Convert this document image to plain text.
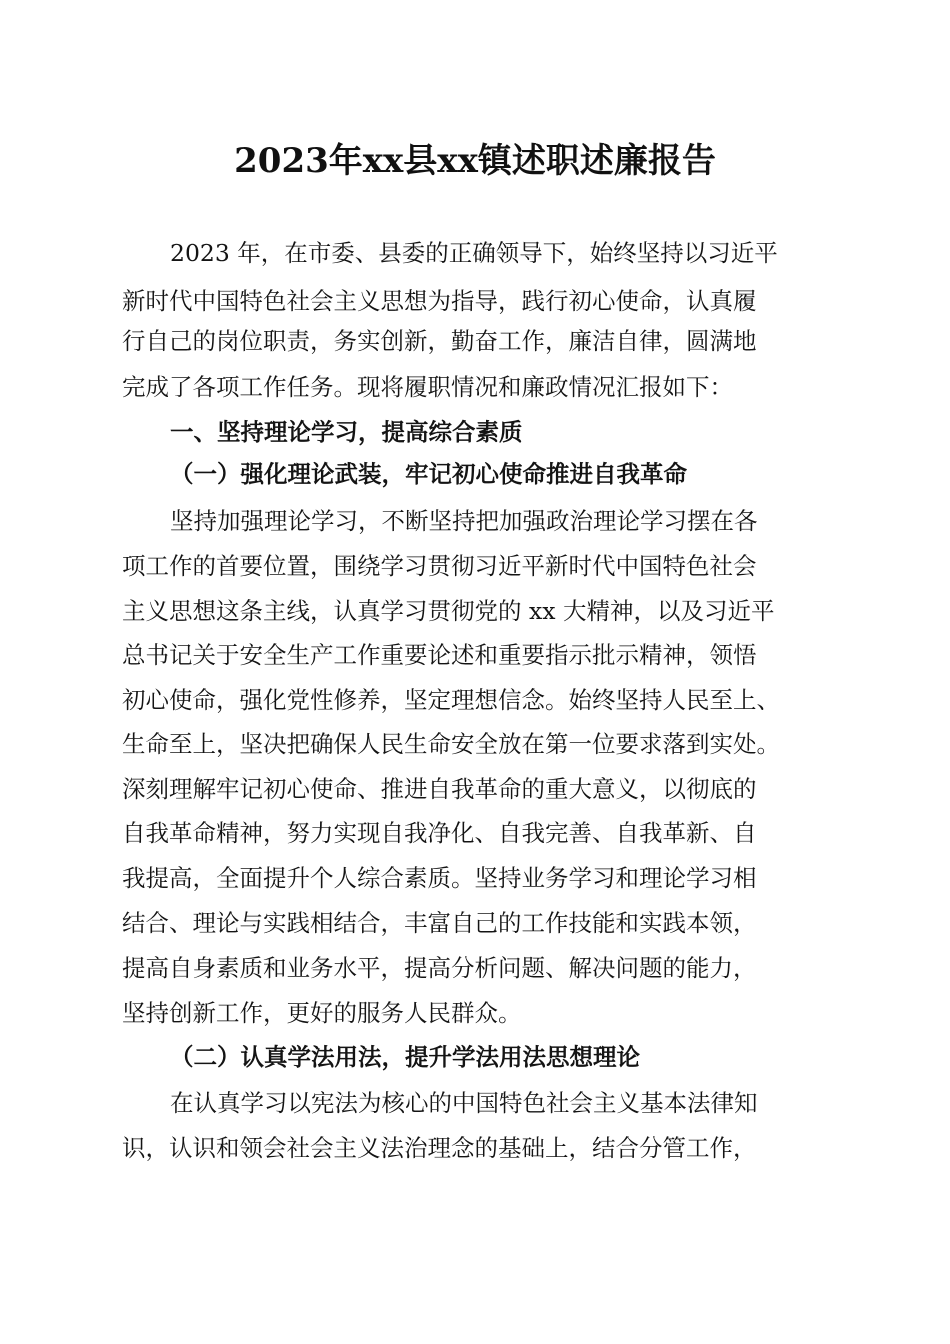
2023年xx县xx镇述职述廉报告
2023 年，在市委、县委的正确领导下，始终坚持以习近平
新时代中国特色社会主义思想为指导，践行初心使命，认真履
行自己的岗位职责，务实创新，勤奋工作，廉洁自律，圆满地
完成了各项工作任务。现将履职情况和廉政情况汇报如下：
一、坚持理论学习，提高综合素质
（一）强化理论武装，牢记初心使命推进自我革命
坚持加强理论学习，不断坚持把加强政治理论学习摆在各
项工作的首要位置，围绕学习贯彻习近平新时代中国特色社会
主义思想这条主线，认真学习贯彻党的 xx 大精神，以及习近平
总书记关于安全生产工作重要论述和重要指示批示精神，领悟
初心使命，强化党性修养，坚定理想信念。始终坚持人民至上、
生命至上，坚决把确保人民生命安全放在第一位要求落到实处。
深刻理解牢记初心使命、推进自我革命的重大意义，以彻底的
自我革命精神，努力实现自我净化、自我完善、自我革新、自
我提高，全面提升个人综合素质。坚持业务学习和理论学习相
结合、理论与实践相结合，丰富自己的工作技能和实践本领，
提高自身素质和业务水平，提高分析问题、解决问题的能力，
坚持创新工作，更好的服务人民群众。
（二）认真学法用法，提升学法用法思想理论
在认真学习以宪法为核心的中国特色社会主义基本法律知
识，认识和领会社会主义法治理念的基础上，结合分管工作，
